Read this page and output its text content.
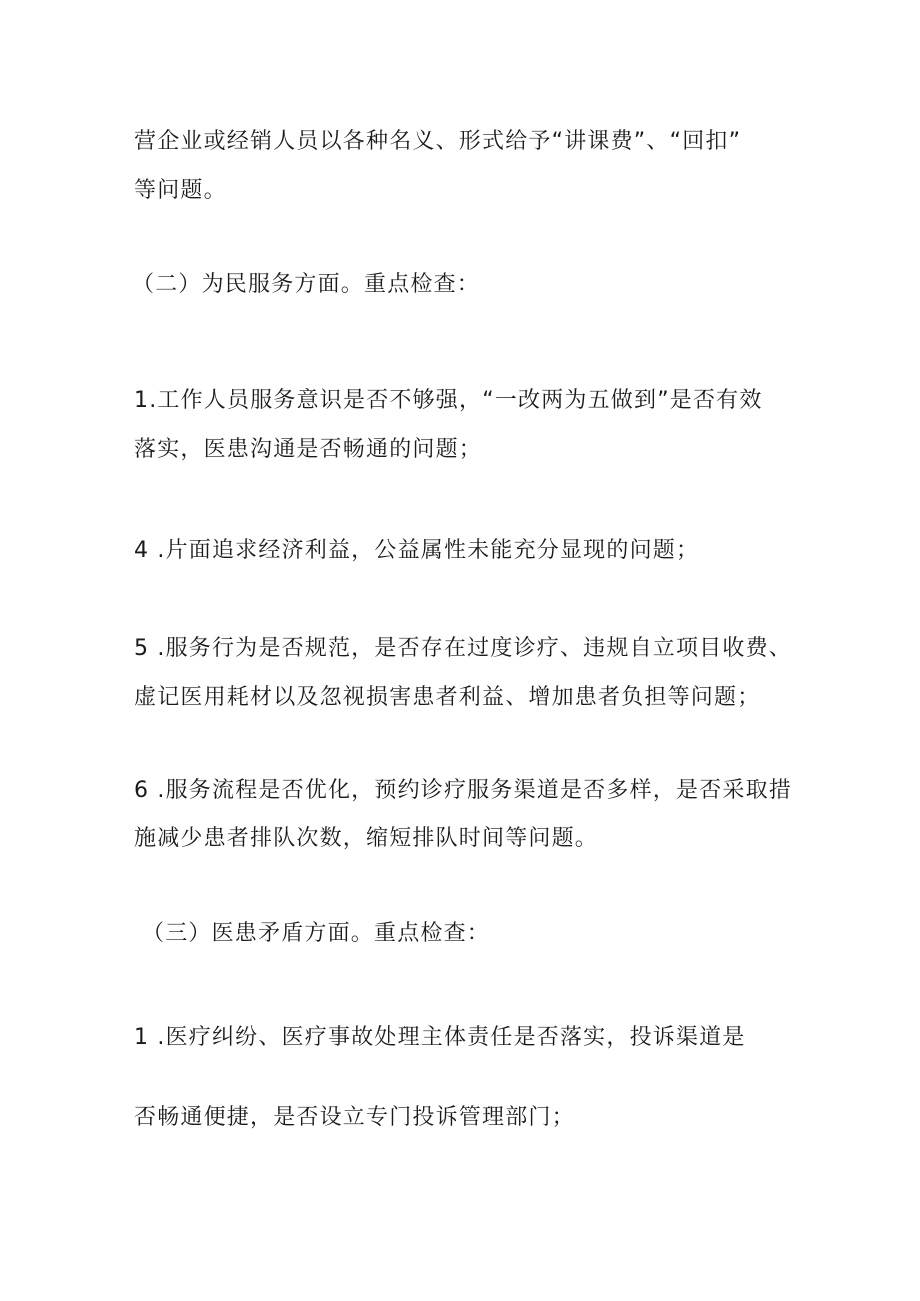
营企业或经销人员以各种名义、形式给予“讲课费”、“回扣”
等问题。
（二）为民服务方面。重点检查：
1.工作人员服务意识是否不够强，“一改两为五做到”是否有效
落实，医患沟通是否畅通的问题；
4 .片面追求经济利益，公益属性未能充分显现的问题；
5 .服务行为是否规范，是否存在过度诊疗、违规自立项目收费、
虚记医用耗材以及忽视损害患者利益、增加患者负担等问题；
6 .服务流程是否优化，预约诊疗服务渠道是否多样，是否采取措
施减少患者排队次数，缩短排队时间等问题。
（三）医患矛盾方面。重点检查：
1 .医疗纠纷、医疗事故处理主体责任是否落实，投诉渠道是
否畅通便捷，是否设立专门投诉管理部门；
